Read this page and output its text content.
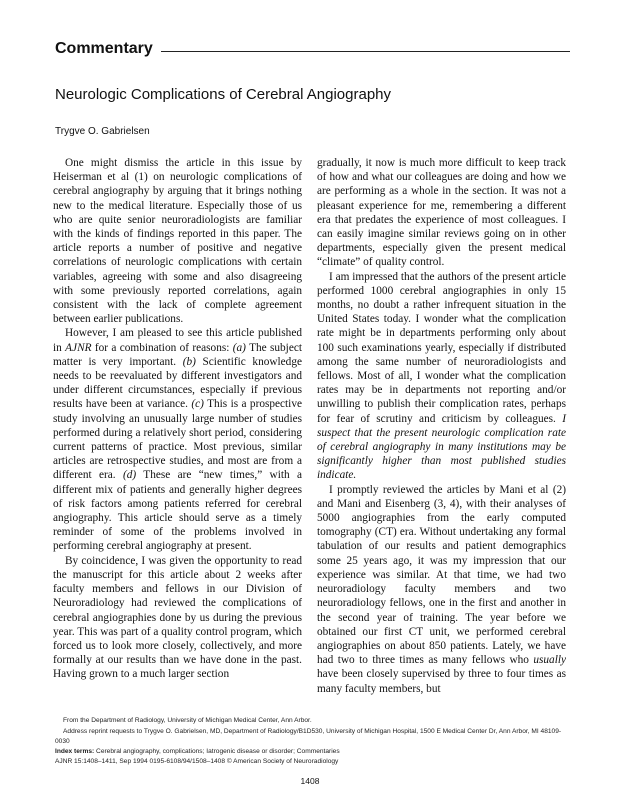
Commentary
Neurologic Complications of Cerebral Angiography
Trygve O. Gabrielsen

One might dismiss the article in this issue by Heiserman et al (1) on neurologic complications of cerebral angiography by arguing that it brings nothing new to the medical literature. Especially those of us who are quite senior neuroradiologists are familiar with the kinds of findings reported in this paper. The article reports a number of positive and negative correlations of neurologic complications with certain variables, agreeing with some and also disagreeing with some previously reported correlations, again consistent with the lack of complete agreement between earlier publications.

However, I am pleased to see this article published in AJNR for a combination of reasons: (a) The subject matter is very important. (b) Scientific knowledge needs to be reevaluated by different investigators and under different circumstances, especially if previous results have been at variance. (c) This is a prospective study involving an unusually large number of studies performed during a relatively short period, considering current patterns of practice. Most previous, similar articles are retrospective studies, and most are from a different era. (d) These are “new times,” with a different mix of patients and generally higher degrees of risk factors among patients referred for cerebral angiography. This article should serve as a timely reminder of some of the problems involved in performing cerebral angiography at present.

By coincidence, I was given the opportunity to read the manuscript for this article about 2 weeks after faculty members and fellows in our Division of Neuroradiology had reviewed the complications of cerebral angiographies done by us during the previous year. This was part of a quality control program, which forced us to look more closely, collectively, and more formally at our results than we have done in the past. Having grown to a much larger section

gradually, it now is much more difficult to keep track of how and what our colleagues are doing and how we are performing as a whole in the section. It was not a pleasant experience for me, remembering a different era that predates the experience of most colleagues. I can easily imagine similar reviews going on in other departments, especially given the present medical “climate” of quality control.

I am impressed that the authors of the present article performed 1000 cerebral angiographies in only 15 months, no doubt a rather infrequent situation in the United States today. I wonder what the complication rate might be in departments performing only about 100 such examinations yearly, especially if distributed among the same number of neuroradiologists and fellows. Most of all, I wonder what the complication rates may be in departments not reporting and/or unwilling to publish their complication rates, perhaps for fear of scrutiny and criticism by colleagues. I suspect that the present neurologic complication rate of cerebral angiography in many institutions may be significantly higher than most published studies indicate.

I promptly reviewed the articles by Mani et al (2) and Mani and Eisenberg (3, 4), with their analyses of 5000 angiographies from the early computed tomography (CT) era. Without undertaking any formal tabulation of our results and patient demographics some 25 years ago, it was my impression that our experience was similar. At that time, we had two neuroradiology faculty members and two neuroradiology fellows, one in the first and another in the second year of training. The year before we obtained our first CT unit, we performed cerebral angiographies on about 850 patients. Lately, we have had two to three times as many fellows who usually have been closely supervised by three to four times as many faculty members, but

From the Department of Radiology, University of Michigan Medical Center, Ann Arbor.
Address reprint requests to Trygve O. Gabrielsen, MD, Department of Radiology/B1D530, University of Michigan Hospital, 1500 E Medical Center Dr, Ann Arbor, MI 48109-0030
Index terms: Cerebral angiography, complications; Iatrogenic disease or disorder; Commentaries
AJNR 15:1408–1411, Sep 1994 0195-6108/94/1508–1408 © American Society of Neuroradiology
1408
